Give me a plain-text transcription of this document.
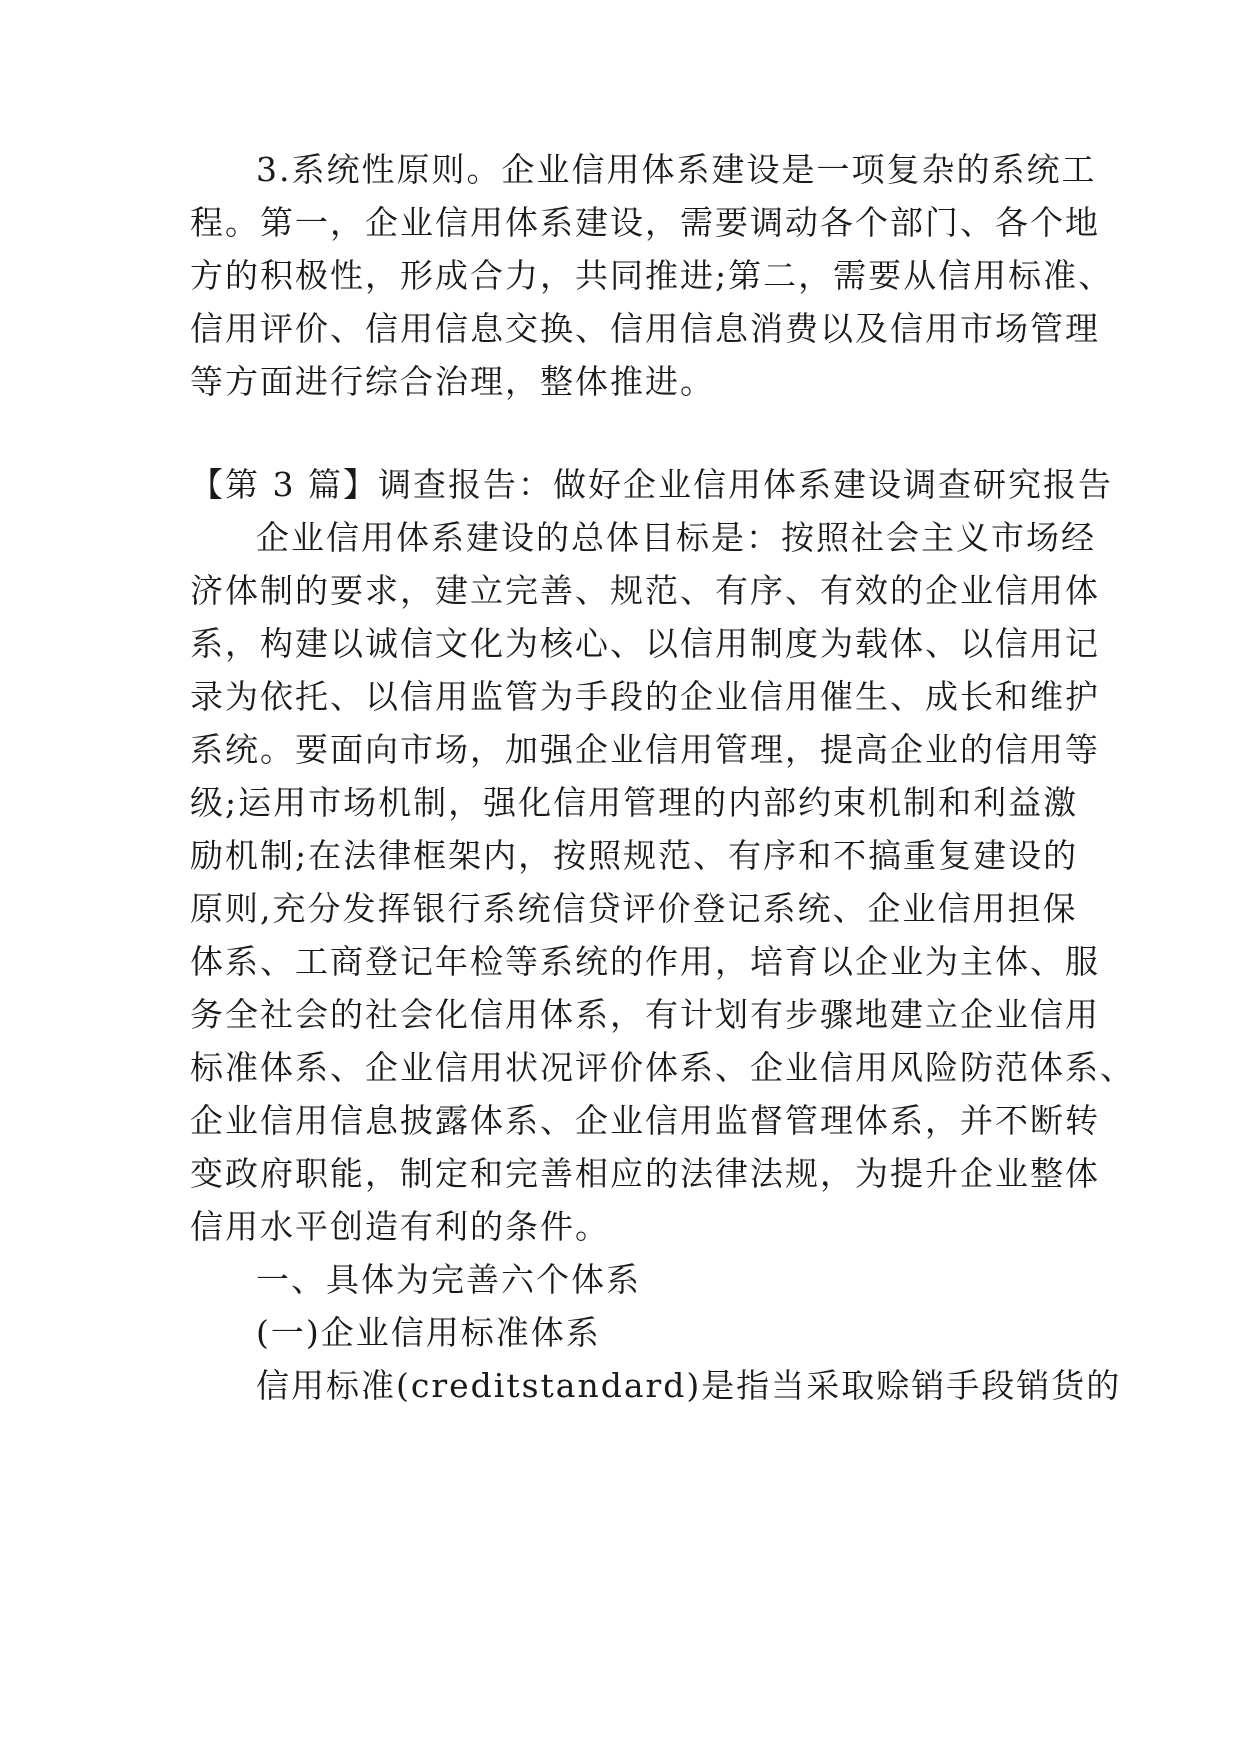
3.系统性原则。企业信用体系建设是一项复杂的系统工

程。第一，企业信用体系建设，需要调动各个部门、各个地

方的积极性，形成合力，共同推进;第二，需要从信用标准、

信用评价、信用信息交换、信用信息消费以及信用市场管理

等方面进行综合治理，整体推进。

【第 3 篇】调查报告：做好企业信用体系建设调查研究报告

企业信用体系建设的总体目标是：按照社会主义市场经

济体制的要求，建立完善、规范、有序、有效的企业信用体

系，构建以诚信文化为核心、以信用制度为载体、以信用记

录为依托、以信用监管为手段的企业信用催生、成长和维护

系统。要面向市场，加强企业信用管理，提高企业的信用等

级;运用市场机制，强化信用管理的内部约束机制和利益激

励机制;在法律框架内，按照规范、有序和不搞重复建设的

原则,充分发挥银行系统信贷评价登记系统、企业信用担保

体系、工商登记年检等系统的作用，培育以企业为主体、服

务全社会的社会化信用体系，有计划有步骤地建立企业信用

标准体系、企业信用状况评价体系、企业信用风险防范体系、

企业信用信息披露体系、企业信用监督管理体系，并不断转

变政府职能，制定和完善相应的法律法规，为提升企业整体

信用水平创造有利的条件。

一、具体为完善六个体系

(一)企业信用标准体系

信用标准(creditstandard)是指当采取赊销手段销货的
